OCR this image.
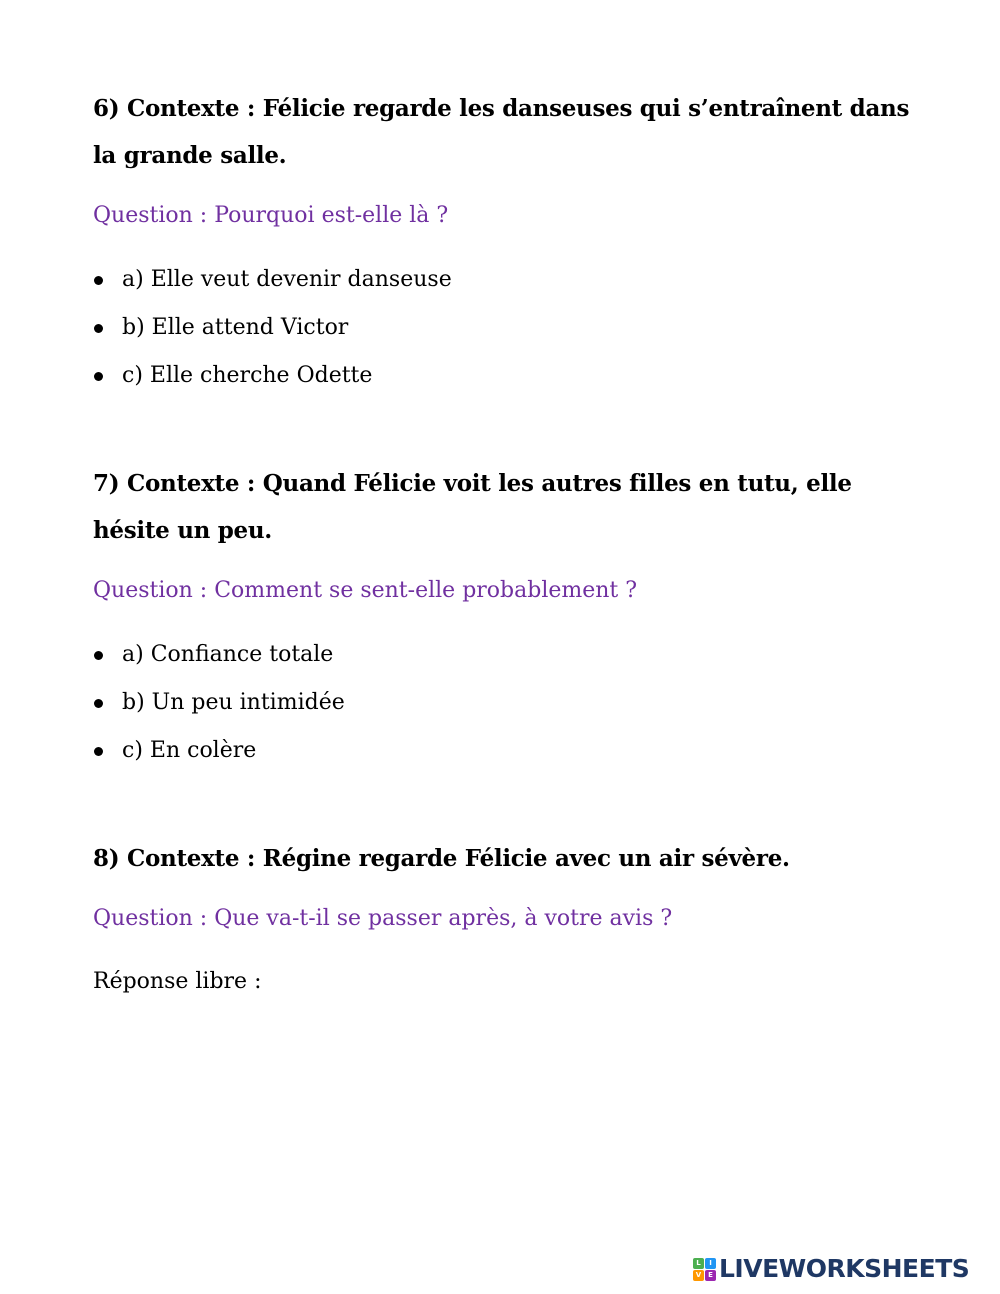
6) Contexte : Félicie regarde les danseuses qui s’entraînent dans la grande salle.

Question : Pourquoi est-elle là ?

a) Elle veut devenir danseuse
b) Elle attend Victor
c) Elle cherche Odette

7) Contexte : Quand Félicie voit les autres filles en tutu, elle hésite un peu.

Question : Comment se sent-elle probablement ?

a) Confiance totale
b) Un peu intimidée
c) En colère

8) Contexte : Régine regarde Félicie avec un air sévère.

Question : Que va-t-il se passer après, à votre avis ?

Réponse libre :

L	I
V E LIVEWORKSHEETS
